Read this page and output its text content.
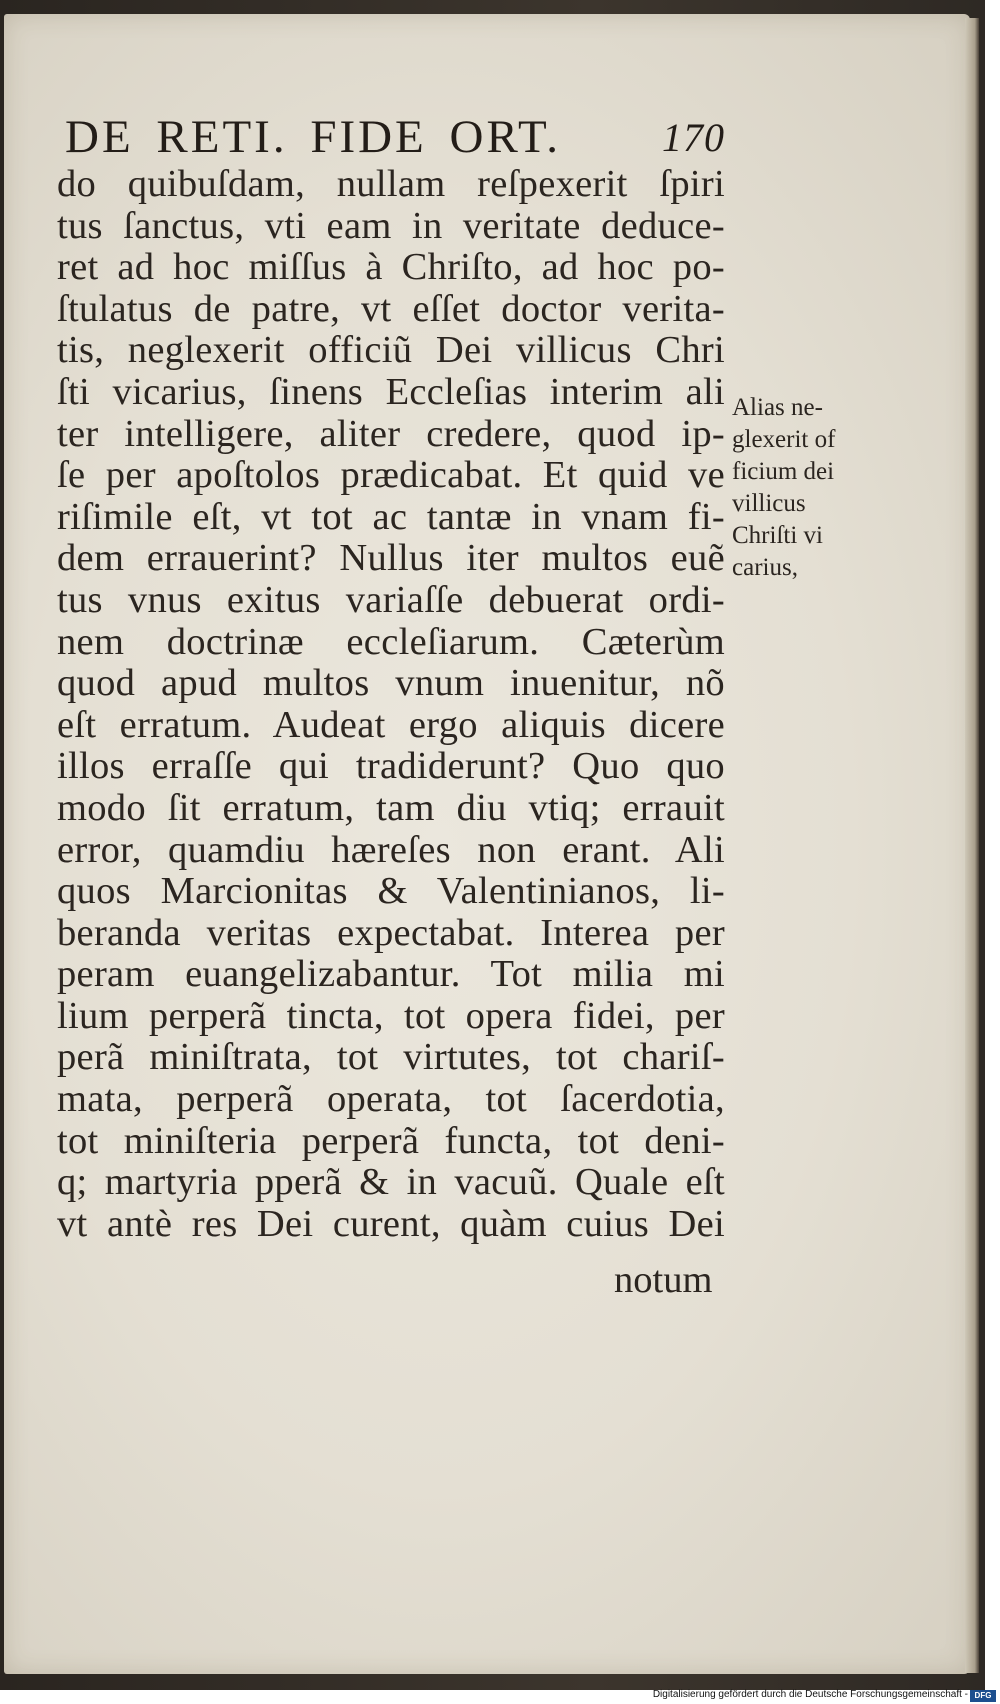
DE RETI. FIDE ORT.	170
do quibuſdam, nullam reſpexerit ſpiri
tus ſanctus, vti eam in veritate deduce-
ret ad hoc miſſus à Chriſto, ad hoc po-
ſtulatus de patre, vt eſſet doctor verita-
tis, neglexerit officiũ Dei villicus Chri
ſti vicarius, ſinens Eccleſias interim ali
ter intelligere, aliter credere, quod ip-
ſe per apoſtolos prædicabat. Et quid ve
riſimile eſt, vt tot ac tantæ in vnam fi-
dem errauerint? Nullus iter multos euẽ
tus vnus exitus variaſſe debuerat ordi-
nem doctrinæ eccleſiarum. Cæterùm
quod apud multos vnum inuenitur, nõ
eſt erratum. Audeat ergo aliquis dicere
illos erraſſe qui tradiderunt? Quo quo
modo ſit erratum, tam diu vtiq; errauit
error, quamdiu hæreſes non erant. Ali
quos Marcionitas & Valentinianos, li-
beranda veritas expectabat. Interea per
peram euangelizabantur. Tot milia mi
lium perperã tincta, tot opera fidei, per
perã miniſtrata, tot virtutes, tot chariſ-
mata, perperã operata, tot ſacerdotia,
tot miniſteria perperã functa, tot deni-
q; martyria pperã & in vacuũ. Quale eſt
vt antè res Dei curent, quàm cuius Dei
notum
Alias ne-
glexerit of
ficium dei
villicus
Chriſti vi
carius,
Digitalisierung gefördert durch die Deutsche Forschungsgemeinschaft - DFG
